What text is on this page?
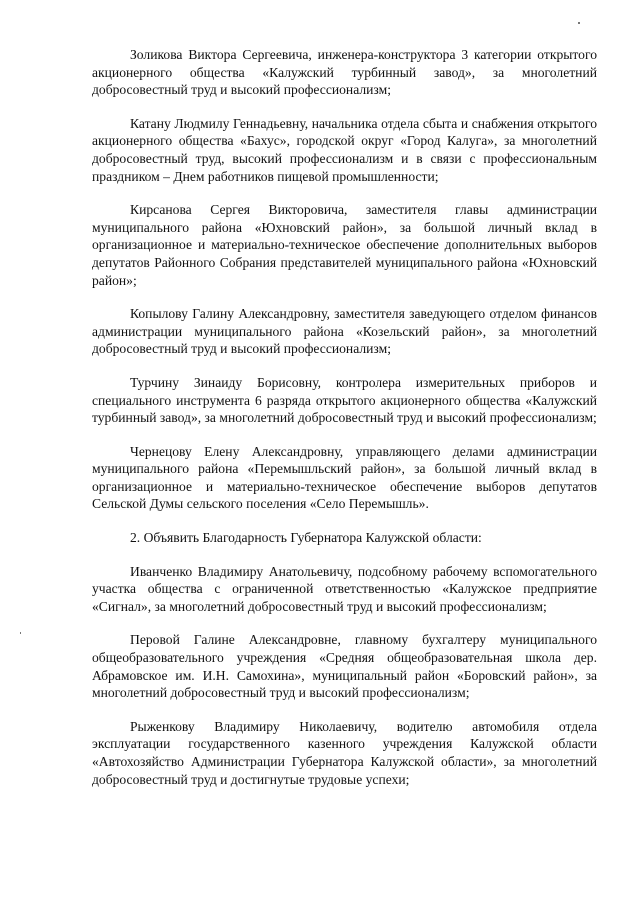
Золикова Виктора Сергеевича, инженера-конструктора 3 категории открытого акционерного общества «Калужский турбинный завод», за многолетний добросовестный труд и высокий профессионализм;

Катану Людмилу Геннадьевну, начальника отдела сбыта и снабжения открытого акционерного общества «Бахус», городской округ «Город Калуга», за многолетний добросовестный труд, высокий профессионализм и в связи с профессиональным праздником – Днем работников пищевой промышленности;

Кирсанова Сергея Викторовича, заместителя главы администрации муниципального района «Юхновский район», за большой личный вклад в организационное и материально-техническое обеспечение дополнительных выборов депутатов Районного Собрания представителей муниципального района «Юхновский район»;

Копылову Галину Александровну, заместителя заведующего отделом финансов администрации муниципального района «Козельский район», за многолетний добросовестный труд и высокий профессионализм;

Турчину Зинаиду Борисовну, контролера измерительных приборов и специального инструмента 6 разряда открытого акционерного общества «Калужский турбинный завод», за многолетний добросовестный труд и высокий профессионализм;

Чернецову Елену Александровну, управляющего делами администрации муниципального района «Перемышльский район», за большой личный вклад в организационное и материально-техническое обеспечение выборов депутатов Сельской Думы сельского поселения «Село Перемышль».

2. Объявить Благодарность Губернатора Калужской области:

Иванченко Владимиру Анатольевичу, подсобному рабочему вспомогательного участка общества с ограниченной ответственностью «Калужское предприятие «Сигнал», за многолетний добросовестный труд и высокий профессионализм;

Перовой Галине Александровне, главному бухгалтеру муниципального общеобразовательного учреждения «Средняя общеобразовательная школа дер. Абрамовское им. И.Н. Самохина», муниципальный район «Боровский район», за многолетний добросовестный труд и высокий профессионализм;

Рыженкову Владимиру Николаевичу, водителю автомобиля отдела эксплуатации государственного казенного учреждения Калужской области «Автохозяйство Администрации Губернатора Калужской области», за многолетний добросовестный труд и достигнутые трудовые успехи;
